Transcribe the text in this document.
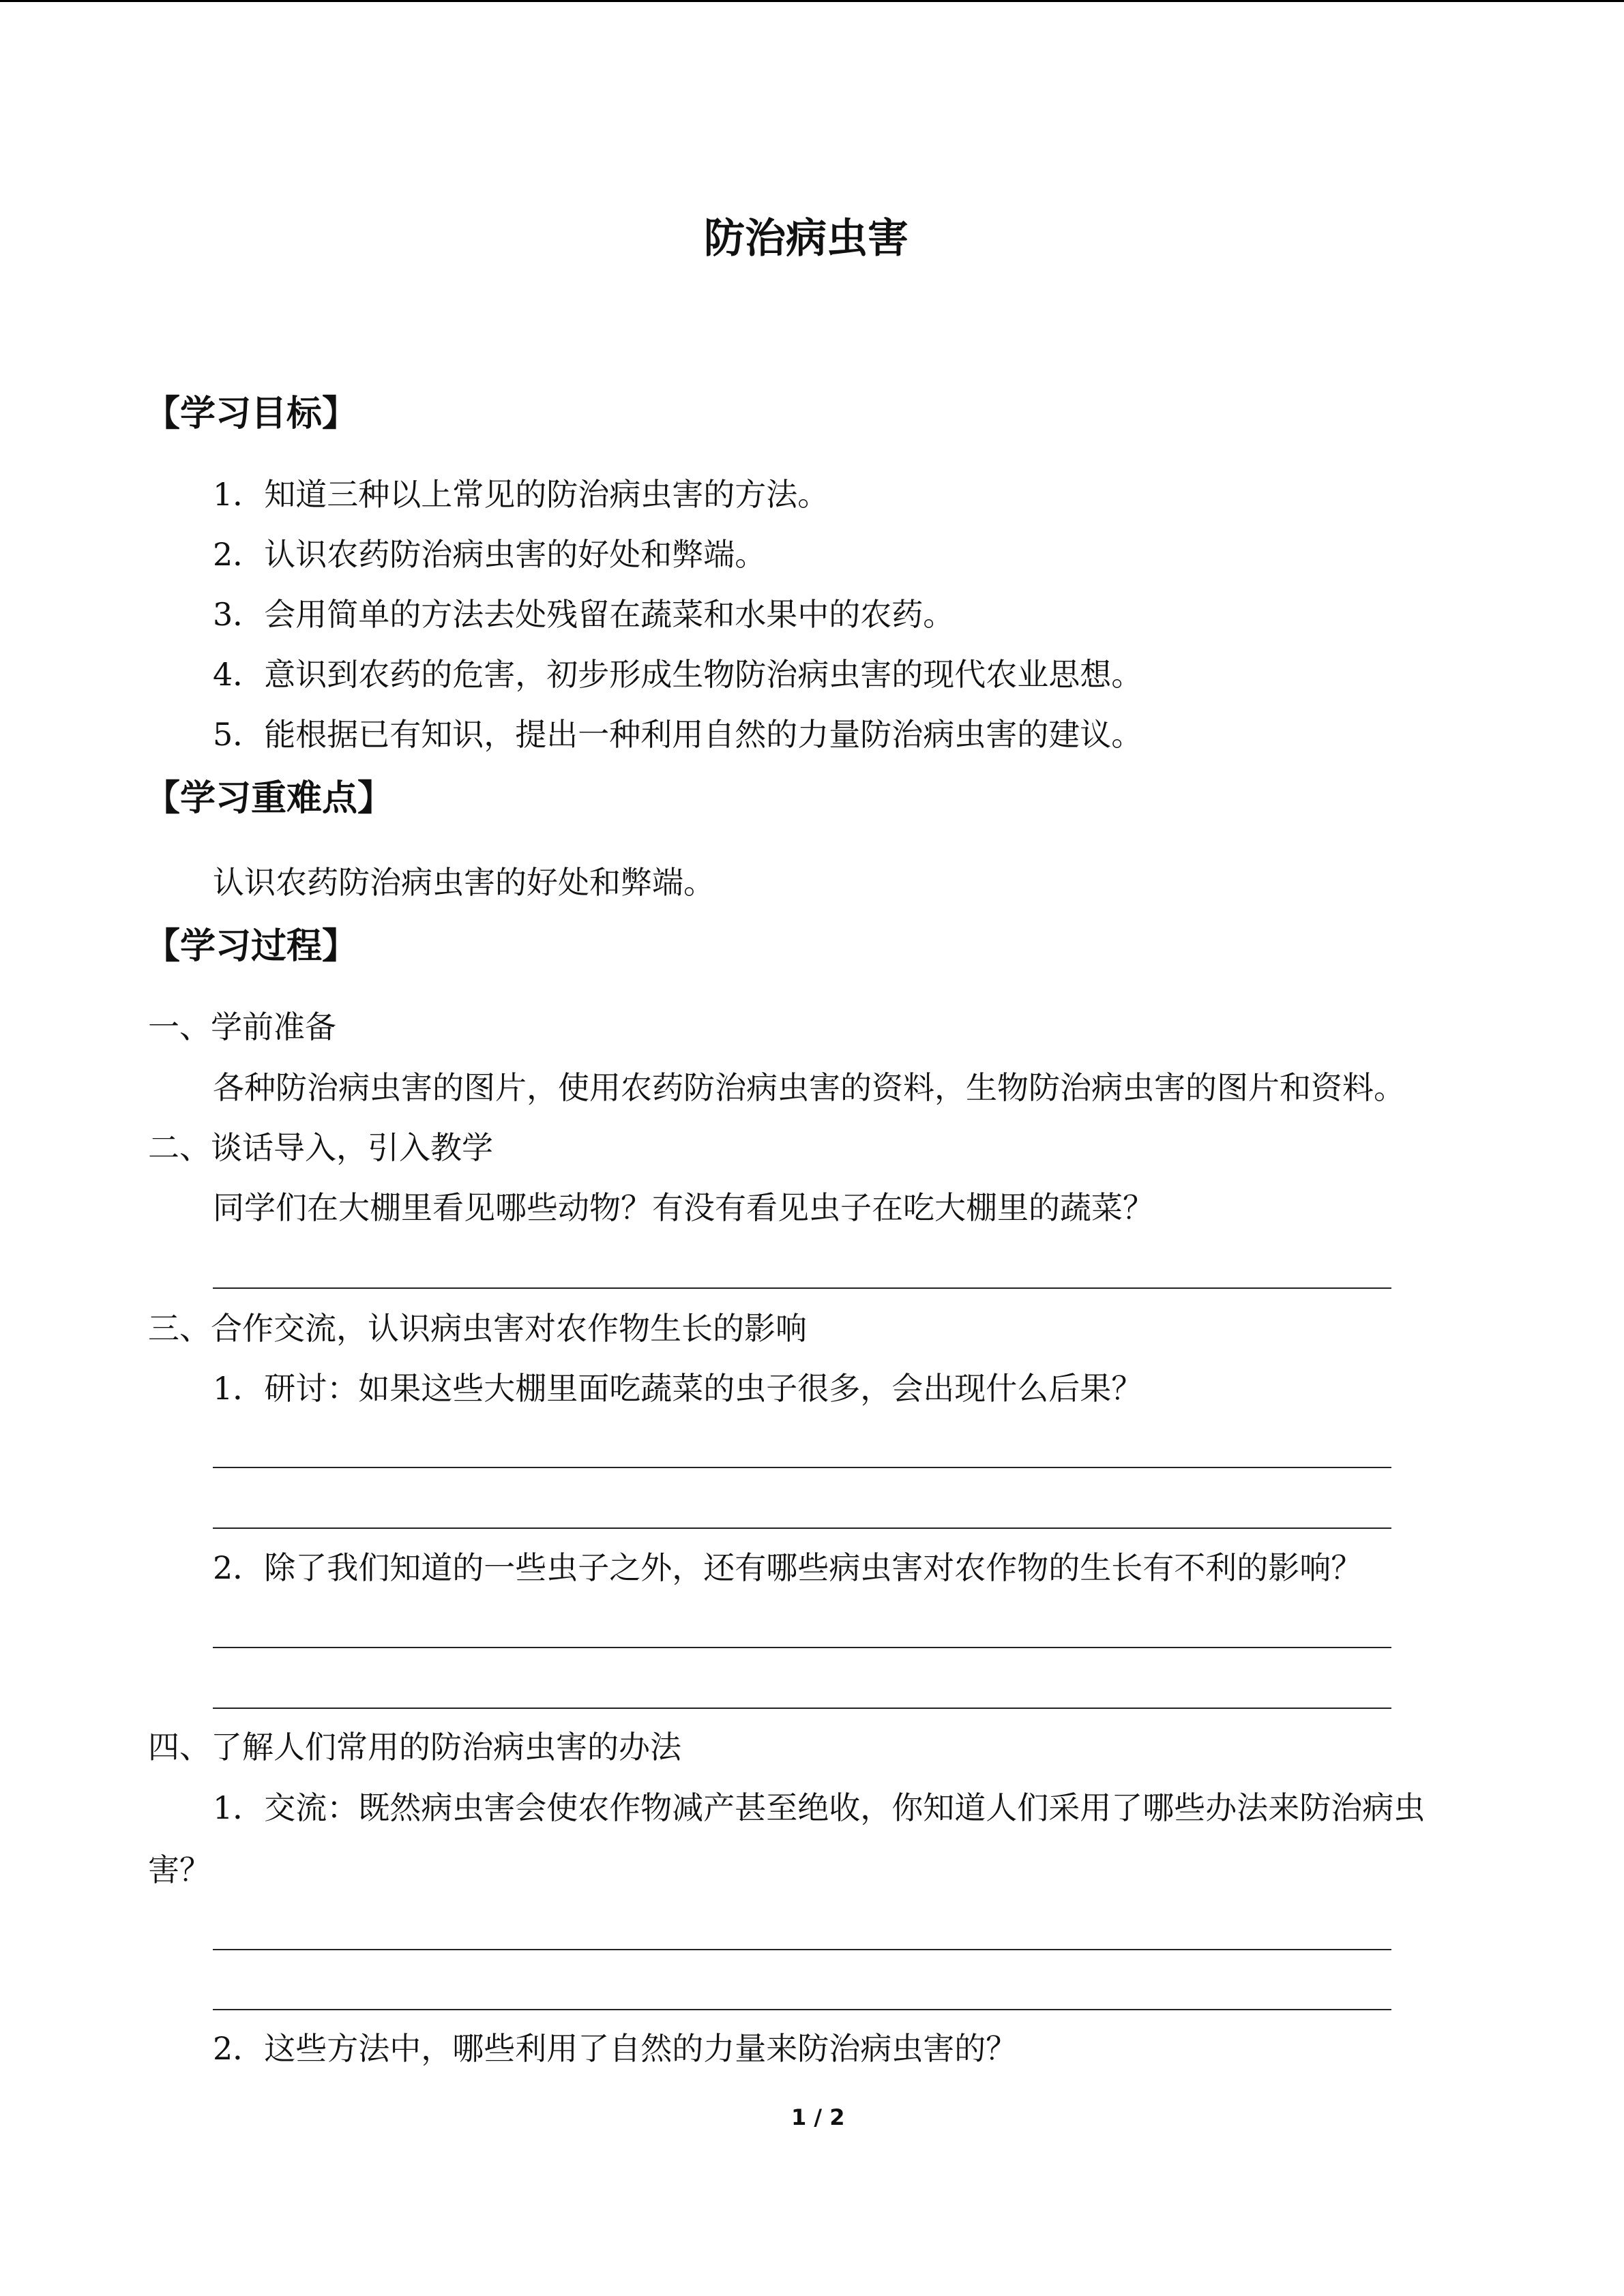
防治病虫害
【学习目标】
1．知道三种以上常见的防治病虫害的方法。
2．认识农药防治病虫害的好处和弊端。
3．会用简单的方法去处残留在蔬菜和水果中的农药。
4．意识到农药的危害，初步形成生物防治病虫害的现代农业思想。
5．能根据已有知识，提出一种利用自然的力量防治病虫害的建议。
【学习重难点】
认识农药防治病虫害的好处和弊端。
【学习过程】
一、学前准备
各种防治病虫害的图片，使用农药防治病虫害的资料，生物防治病虫害的图片和资料。
二、谈话导入，引入教学
同学们在大棚里看见哪些动物？有没有看见虫子在吃大棚里的蔬菜？
三、合作交流，认识病虫害对农作物生长的影响
1．研讨：如果这些大棚里面吃蔬菜的虫子很多，会出现什么后果？
2．除了我们知道的一些虫子之外，还有哪些病虫害对农作物的生长有不利的影响？
四、了解人们常用的防治病虫害的办法
1．交流：既然病虫害会使农作物减产甚至绝收，你知道人们采用了哪些办法来防治病虫
害？
2．这些方法中，哪些利用了自然的力量来防治病虫害的？
1 / 2
